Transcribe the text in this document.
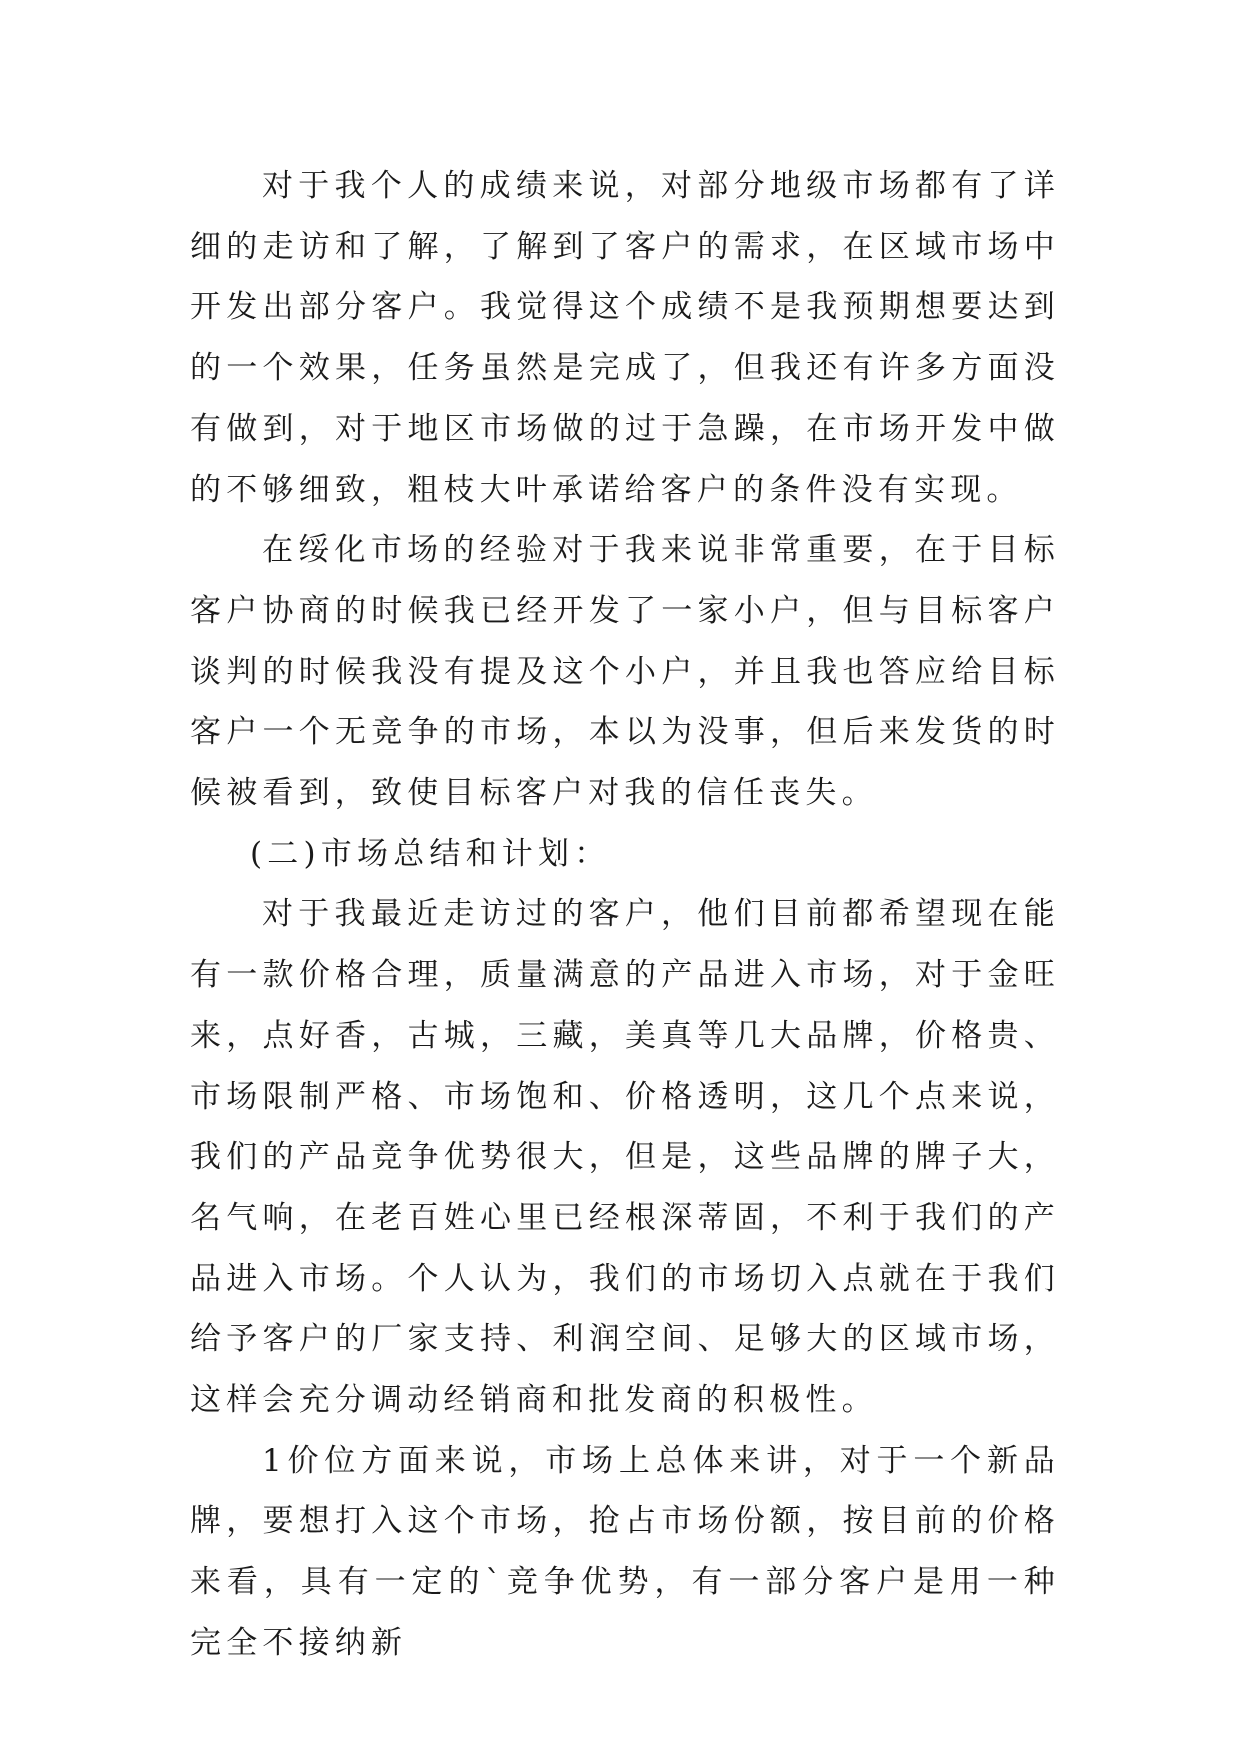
对于我个人的成绩来说，对部分地级市场都有了详细的走访和了解，了解到了客户的需求，在区域市场中开发出部分客户。我觉得这个成绩不是我预期想要达到的一个效果，任务虽然是完成了，但我还有许多方面没有做到，对于地区市场做的过于急躁，在市场开发中做的不够细致，粗枝大叶承诺给客户的条件没有实现。

在绥化市场的经验对于我来说非常重要，在于目标客户协商的时候我已经开发了一家小户，但与目标客户谈判的时候我没有提及这个小户，并且我也答应给目标客户一个无竞争的市场，本以为没事，但后来发货的时候被看到，致使目标客户对我的信任丧失。

(二)市场总结和计划：

对于我最近走访过的客户，他们目前都希望现在能有一款价格合理，质量满意的产品进入市场，对于金旺来，点好香，古城，三藏，美真等几大品牌，价格贵、市场限制严格、市场饱和、价格透明，这几个点来说，我们的产品竞争优势很大，但是，这些品牌的牌子大，名气响，在老百姓心里已经根深蒂固，不利于我们的产品进入市场。个人认为，我们的市场切入点就在于我们给予客户的厂家支持、利润空间、足够大的区域市场，这样会充分调动经销商和批发商的积极性。

1价位方面来说，市场上总体来讲，对于一个新品牌，要想打入这个市场，抢占市场份额，按目前的价格来看，具有一定的`竞争优势，有一部分客户是用一种完全不接纳新
